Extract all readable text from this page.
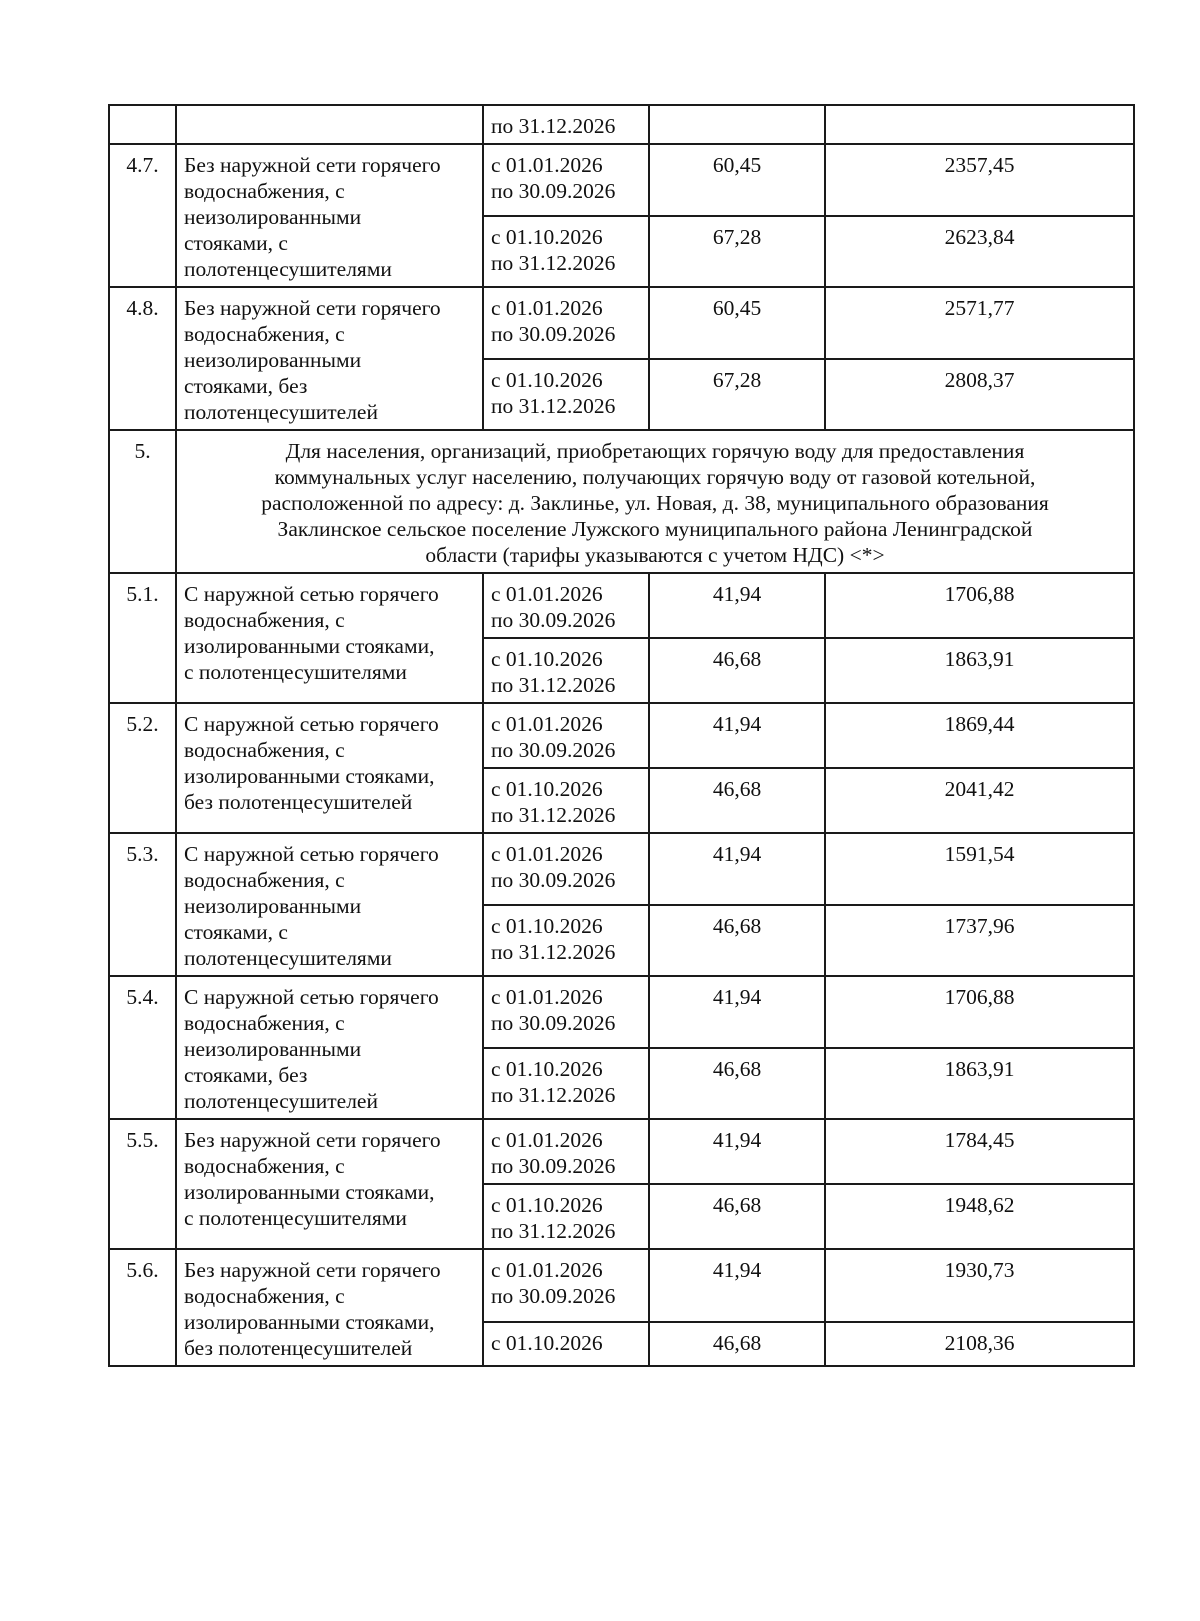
		по 31.12.2026		

4.7.	Без наружной сети горячего
водоснабжения, с
неизолированными
стояками, с
полотенцесушителями	с 01.01.2026
по 30.09.2026	60,45	2357,45

		с 01.10.2026
по 31.12.2026	67,28	2623,84
4.8.	Без наружной сети горячего
водоснабжения, с
неизолированными
стояками, без
полотенцесушителей	с 01.01.2026
по 30.09.2026	60,45	2571,77

		с 01.10.2026
по 31.12.2026	67,28	2808,37
5.	Для населения, организаций, приобретающих горячую воду для предоставления
коммунальных услуг населению, получающих горячую воду от газовой котельной,
расположенной по адресу: д. Заклинье, ул. Новая, д. 38, муниципального образования
Заклинское сельское поселение Лужского муниципального района Ленинградской
области (тарифы указываются с учетом НДС) <*>			

5.1.	С наружной сетью горячего
водоснабжения, с
изолированными стояками,
с полотенцесушителями	с 01.01.2026
по 30.09.2026	41,94	1706,88

		с 01.10.2026
по 31.12.2026	46,68	1863,91
5.2.	С наружной сетью горячего
водоснабжения, с
изолированными стояками,
без полотенцесушителей	с 01.01.2026
по 30.09.2026	41,94	1869,44

		с 01.10.2026
по 31.12.2026	46,68	2041,42
5.3.	С наружной сетью горячего
водоснабжения, с
неизолированными
стояками, с
полотенцесушителями	с 01.01.2026
по 30.09.2026	41,94	1591,54

		с 01.10.2026
по 31.12.2026	46,68	1737,96
5.4.	С наружной сетью горячего
водоснабжения, с
неизолированными
стояками, без
полотенцесушителей	с 01.01.2026
по 30.09.2026	41,94	1706,88

		с 01.10.2026
по 31.12.2026	46,68	1863,91
5.5.	Без наружной сети горячего
водоснабжения, с
изолированными стояками,
с полотенцесушителями	с 01.01.2026
по 30.09.2026	41,94	1784,45

		с 01.10.2026
по 31.12.2026	46,68	1948,62
5.6.	Без наружной сети горячего
водоснабжения, с
изолированными стояками,
без полотенцесушителей	с 01.01.2026
по 30.09.2026	41,94	1930,73

		с 01.10.2026	46,68	2108,36
